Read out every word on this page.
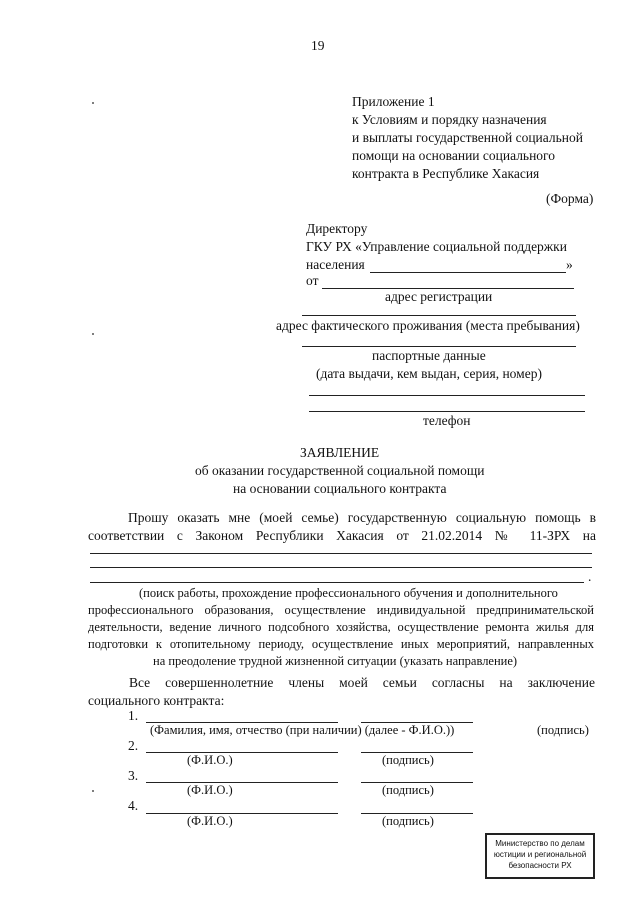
19
Приложение 1
к Условиям и порядку назначения
и выплаты государственной социальной
помощи на основании социального
контракта в Республике Хакасия
(Форма)
Директору
ГКУ РХ «Управление социальной поддержки
населения	»
от
адрес регистрации
адрес фактического проживания (места пребывания)
паспортные данные
(дата выдачи, кем выдан, серия, номер)
телефон
ЗАЯВЛЕНИЕ
об оказании государственной социальной помощи
на основании социального контракта
Прошу оказать мне (моей семье) государственную социальную помощь в
соответствии с Законом Республики Хакасия от 21.02.2014 № 11-ЗРХ на
.
(поиск работы, прохождение профессионального обучения и дополнительного
профессионального образования, осуществление индивидуальной предпринимательской
деятельности, ведение личного подсобного хозяйства, осуществление ремонта жилья для
подготовки к отопительному периоду, осуществление иных мероприятий, направленных
на преодоление трудной жизненной ситуации (указать направление)
Все совершеннолетние члены моей семьи согласны на заключение
социального контракта:
1.
(Фамилия, имя, отчество (при наличии) (далее - Ф.И.О.))	(подпись)
2.
(Ф.И.О.)	(подпись)
3.
(Ф.И.О.)	(подпись)
4.
(Ф.И.О.)	(подпись)
Министерство по делам
юстиции и региональной
безопасности РХ
